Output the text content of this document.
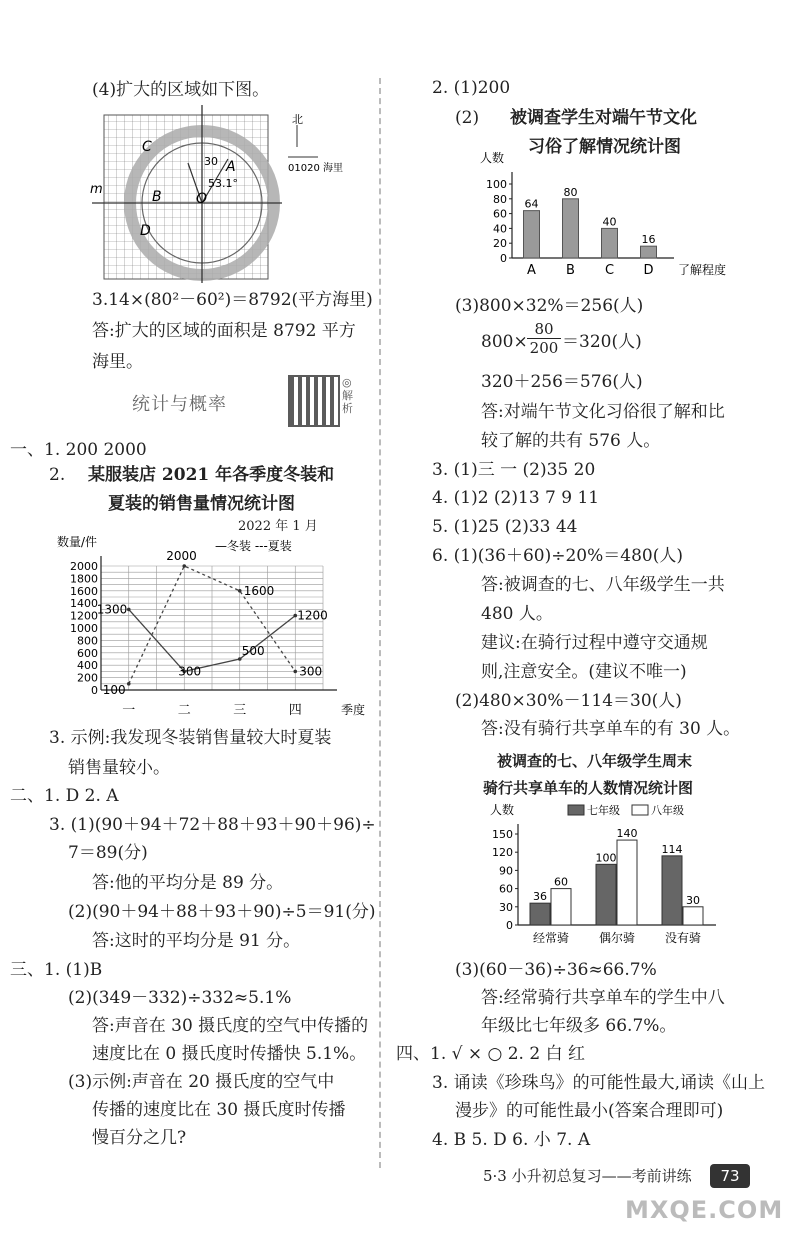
(4)扩大的区域如下图。
m
C
B
A
O
D
30
53.1°
北
01020 海里
3.14×(80²－60²)＝8792(平方海里)
答:扩大的区域的面积是 8792 平方
海里。
统计与概率
◎解析
一、1. 200 2000
2. 某服装店 2021 年各季度冬装和
夏装的销售量情况统计图
2022 年 1 月
数量/件	—冬装 ---夏装
0
200
400
600
800
1000
1200
1400
1600
1800
2000
一	二	三	四	季度
1300
300
500
1200
100
2000
1600
300
3. 示例:我发现冬装销售量较大时夏装
销售量较小。
二、1. D 2. A
3. (1)(90＋94＋72＋88＋93＋90＋96)÷
7＝89(分)
答:他的平均分是 89 分。
(2)(90＋94＋88＋93＋90)÷5＝91(分)
答:这时的平均分是 91 分。
三、1. (1)B
(2)(349－332)÷332≈5.1%
答:声音在 30 摄氏度的空气中传播的
速度比在 0 摄氏度时传播快 5.1%。
(3)示例:声音在 20 摄氏度的空气中
传播的速度比在 30 摄氏度时传播
慢百分之几?
2. (1)200
(2) 被调查学生对端午节文化
习俗了解情况统计图
人数
了解程度
0
20
40
60
80
100
64
A
80
B
40
C
16
D
(3)800×32%＝256(人)
$800\times \frac{80}{200} =320$(人)
320＋256＝576(人)
答:对端午节文化习俗很了解和比
较了解的共有 576 人。
3. (1)三 一 (2)35 20
4. (1)2 (2)13 7 9 11
5. (1)25 (2)33 44
6. (1)(36＋60)÷20%＝480(人)
答:被调查的七、八年级学生一共
480 人。
建议:在骑行过程中遵守交通规
则,注意安全。(建议不唯一)
(2)480×30%－114＝30(人)
答:没有骑行共享单车的有 30 人。
被调查的七、八年级学生周末
骑行共享单车的人数情况统计图
人数	七年级	八年级
0
30
60
90
120
150
36
60
经常骑
100
140
偶尔骑
114
30
没有骑
(3)(60－36)÷36≈66.7%
答:经常骑行共享单车的学生中八
年级比七年级多 66.7%。
四、1. √ × ○ 2. 2 白 红
3. 诵读《珍珠鸟》的可能性最大,诵读《山上
漫步》的可能性最小(答案合理即可)
4. B 5. D 6. 小 7. A
5·3 小升初总复习——考前讲练	73
MXQE.COM
